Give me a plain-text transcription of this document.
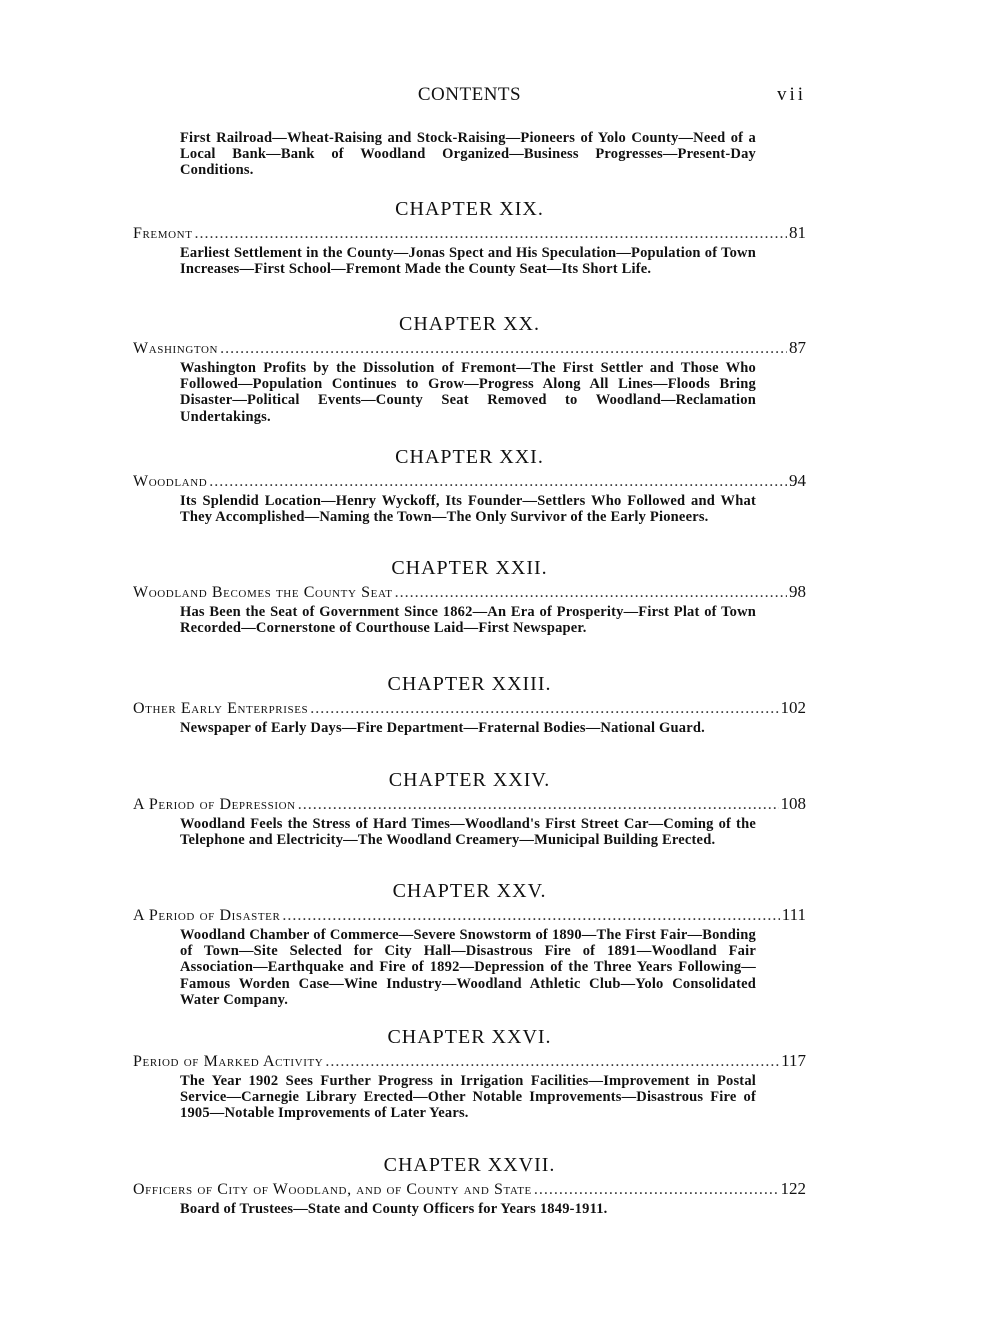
CONTENTS	vii
First Railroad—Wheat-Raising and Stock-Raising—Pioneers of Yolo County—Need of a Local Bank—Bank of Woodland Organized—Business Progresses—Present-Day Conditions.
CHAPTER XIX.
Fremont .....	81
Earliest Settlement in the County—Jonas Spect and His Speculation—Population of Town Increases—First School—Fremont Made the County Seat—Its Short Life.
CHAPTER XX.
Washington .....	87
Washington Profits by the Dissolution of Fremont—The First Settler and Those Who Followed—Population Continues to Grow—Progress Along All Lines—Floods Bring Disaster—Political Events—County Seat Removed to Woodland—Reclamation Undertakings.
CHAPTER XXI.
Woodland .....	94
Its Splendid Location—Henry Wyckoff, Its Founder—Settlers Who Followed and What They Accomplished—Naming the Town—The Only Survivor of the Early Pioneers.
CHAPTER XXII.
Woodland Becomes the County Seat .....	98
Has Been the Seat of Government Since 1862—An Era of Prosperity—First Plat of Town Recorded—Cornerstone of Courthouse Laid—First Newspaper.
CHAPTER XXIII.
Other Early Enterprises .....	102
Newspaper of Early Days—Fire Department—Fraternal Bodies—National Guard.
CHAPTER XXIV.
A Period of Depression .....	108
Woodland Feels the Stress of Hard Times—Woodland's First Street Car—Coming of the Telephone and Electricity—The Woodland Creamery—Municipal Building Erected.
CHAPTER XXV.
A Period of Disaster .....	111
Woodland Chamber of Commerce—Severe Snowstorm of 1890—The First Fair—Bonding of Town—Site Selected for City Hall—Disastrous Fire of 1891—Woodland Fair Association—Earthquake and Fire of 1892—Depression of the Three Years Following—Famous Worden Case—Wine Industry—Woodland Athletic Club—Yolo Consolidated Water Company.
CHAPTER XXVI.
Period of Marked Activity .....	117
The Year 1902 Sees Further Progress in Irrigation Facilities—Improvement in Postal Service—Carnegie Library Erected—Other Notable Improvements—Disastrous Fire of 1905—Notable Improvements of Later Years.
CHAPTER XXVII.
Officers of City of Woodland, and of County and State .....	122
Board of Trustees—State and County Officers for Years 1849-1911.
